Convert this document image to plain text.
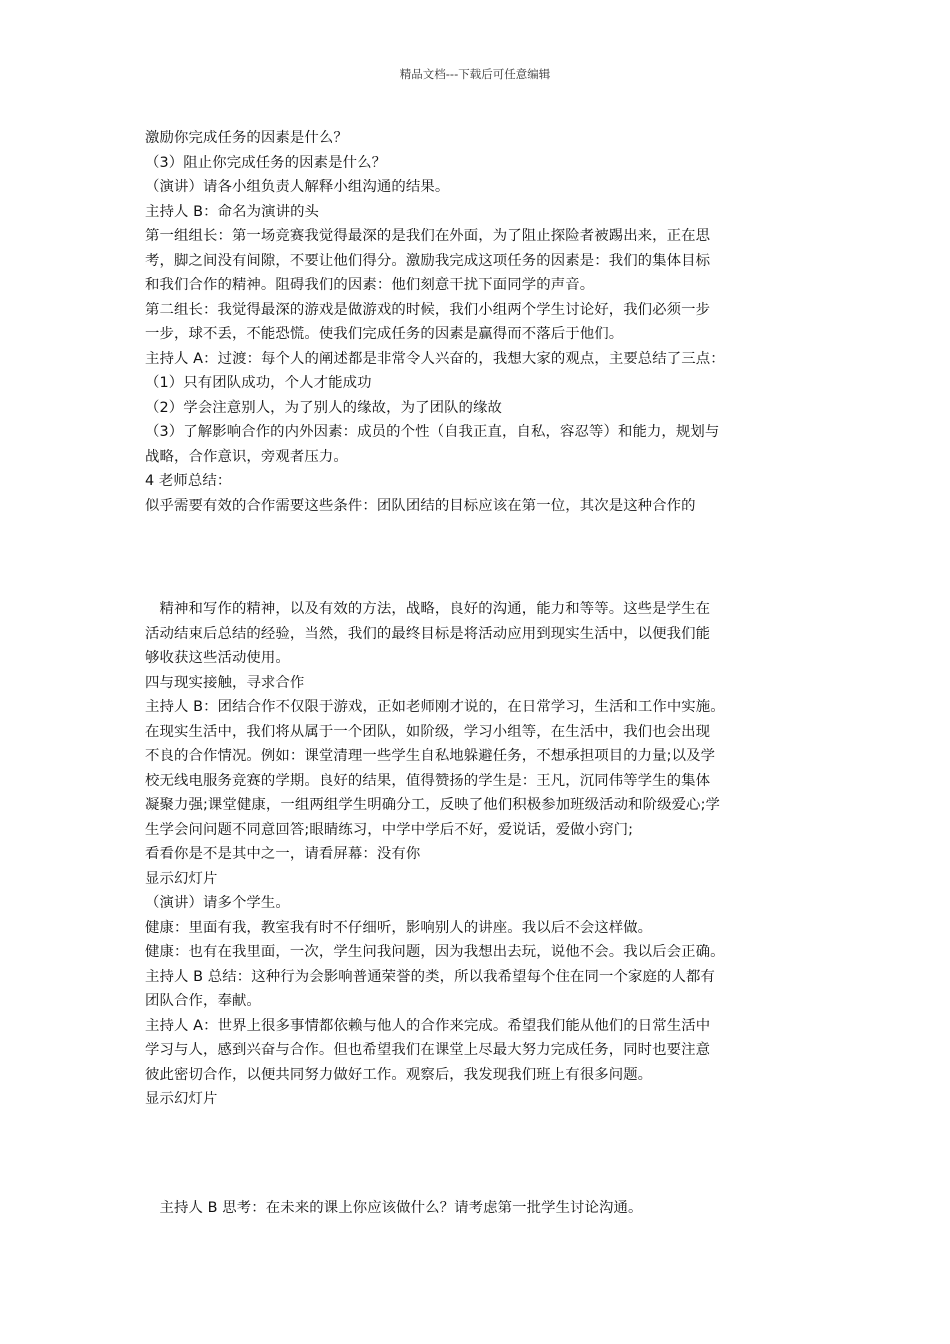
精品文档---下载后可任意编辑
激励你完成任务的因素是什么？
（3）阻止你完成任务的因素是什么？
（演讲）请各小组负责人解释小组沟通的结果。
主持人 B：命名为演讲的头
第一组组长：第一场竞赛我觉得最深的是我们在外面，为了阻止探险者被踢出来，正在思
考，脚之间没有间隙，不要让他们得分。激励我完成这项任务的因素是：我们的集体目标
和我们合作的精神。阻碍我们的因素：他们刻意干扰下面同学的声音。
第二组长：我觉得最深的游戏是做游戏的时候，我们小组两个学生讨论好，我们必须一步
一步，球不丢，不能恐慌。使我们完成任务的因素是赢得而不落后于他们。
主持人 A：过渡：每个人的阐述都是非常令人兴奋的，我想大家的观点，主要总结了三点：
（1）只有团队成功，个人才能成功
（2）学会注意别人，为了别人的缘故，为了团队的缘故
（3）了解影响合作的内外因素：成员的个性（自我正直，自私，容忍等）和能力，规划与
战略，合作意识，旁观者压力。
4 老师总结：
似乎需要有效的合作需要这些条件：团队团结的目标应该在第一位，其次是这种合作的
　精神和写作的精神，以及有效的方法，战略，良好的沟通，能力和等等。这些是学生在
活动结束后总结的经验，当然，我们的最终目标是将活动应用到现实生活中，以便我们能
够收获这些活动使用。
四与现实接触，寻求合作
主持人 B：团结合作不仅限于游戏，正如老师刚才说的，在日常学习，生活和工作中实施。
在现实生活中，我们将从属于一个团队，如阶级，学习小组等，在生活中，我们也会出现
不良的合作情况。例如：课堂清理一些学生自私地躲避任务，不想承担项目的力量;以及学
校无线电服务竞赛的学期。良好的结果，值得赞扬的学生是：王凡，沉同伟等学生的集体
凝聚力强;课堂健康，一组两组学生明确分工，反映了他们积极参加班级活动和阶级爱心;学
生学会问问题不同意回答;眼睛练习，中学中学后不好，爱说话，爱做小窍门;
看看你是不是其中之一，请看屏幕：没有你
显示幻灯片
（演讲）请多个学生。
健康：里面有我，教室我有时不仔细听，影响别人的讲座。我以后不会这样做。
健康：也有在我里面，一次，学生问我问题，因为我想出去玩，说他不会。我以后会正确。
主持人 B 总结：这种行为会影响普通荣誉的类，所以我希望每个住在同一个家庭的人都有
团队合作，奉献。
主持人 A：世界上很多事情都依赖与他人的合作来完成。希望我们能从他们的日常生活中
学习与人，感到兴奋与合作。但也希望我们在课堂上尽最大努力完成任务，同时也要注意
彼此密切合作，以便共同努力做好工作。观察后，我发现我们班上有很多问题。
显示幻灯片
　主持人 B 思考：在未来的课上你应该做什么？请考虑第一批学生讨论沟通。
